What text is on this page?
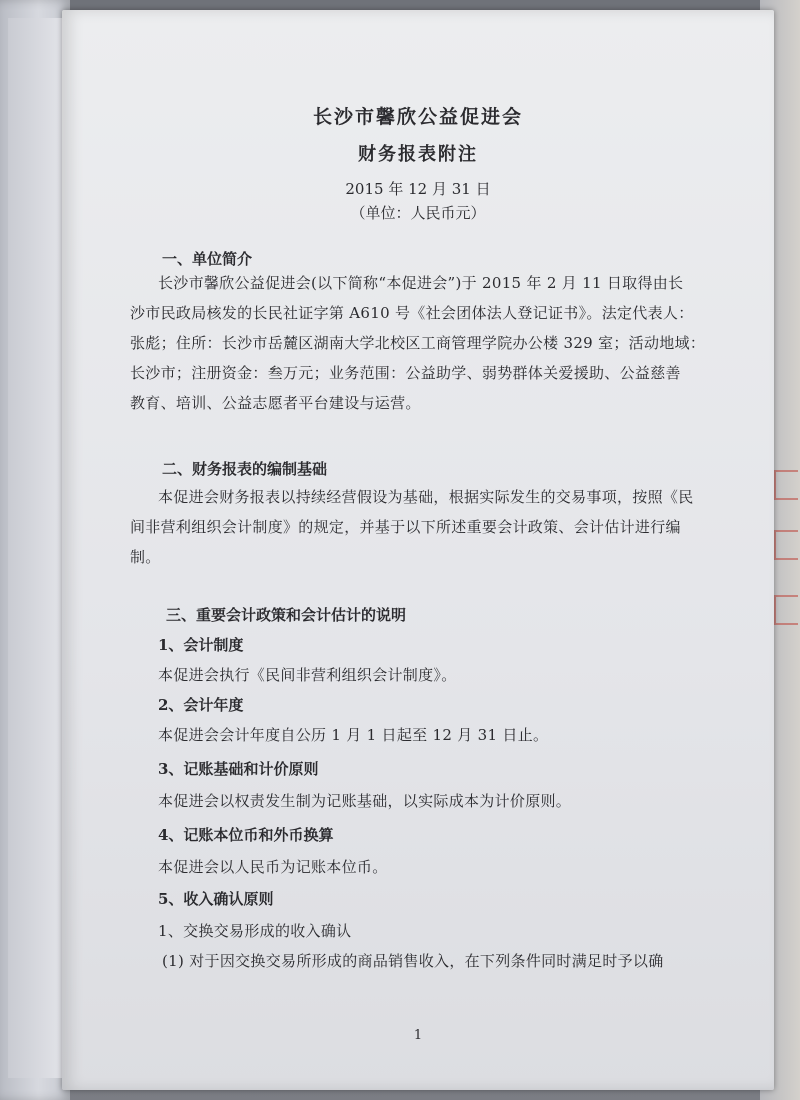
长沙市馨欣公益促进会
财务报表附注
2015 年 12 月 31 日
（单位：人民币元）
一、单位简介
长沙市馨欣公益促进会(以下简称“本促进会”)于 2015 年 2 月 11 日取得由长
沙市民政局核发的长民社证字第 A610 号《社会团体法人登记证书》。法定代表人：
张彪；住所：长沙市岳麓区湖南大学北校区工商管理学院办公楼 329 室；活动地域：
长沙市；注册资金：叁万元；业务范围：公益助学、弱势群体关爱援助、公益慈善
教育、培训、公益志愿者平台建设与运营。
二、财务报表的编制基础
本促进会财务报表以持续经营假设为基础，根据实际发生的交易事项，按照《民
间非营利组织会计制度》的规定，并基于以下所述重要会计政策、会计估计进行编
制。
三、重要会计政策和会计估计的说明
1、会计制度
本促进会执行《民间非营利组织会计制度》。
2、会计年度
本促进会会计年度自公历 1 月 1 日起至 12 月 31 日止。
3、记账基础和计价原则
本促进会以权责发生制为记账基础，以实际成本为计价原则。
4、记账本位币和外币换算
本促进会以人民币为记账本位币。
5、收入确认原则
1、交换交易形成的收入确认
(1) 对于因交换交易所形成的商品销售收入，在下列条件同时满足时予以确
1
